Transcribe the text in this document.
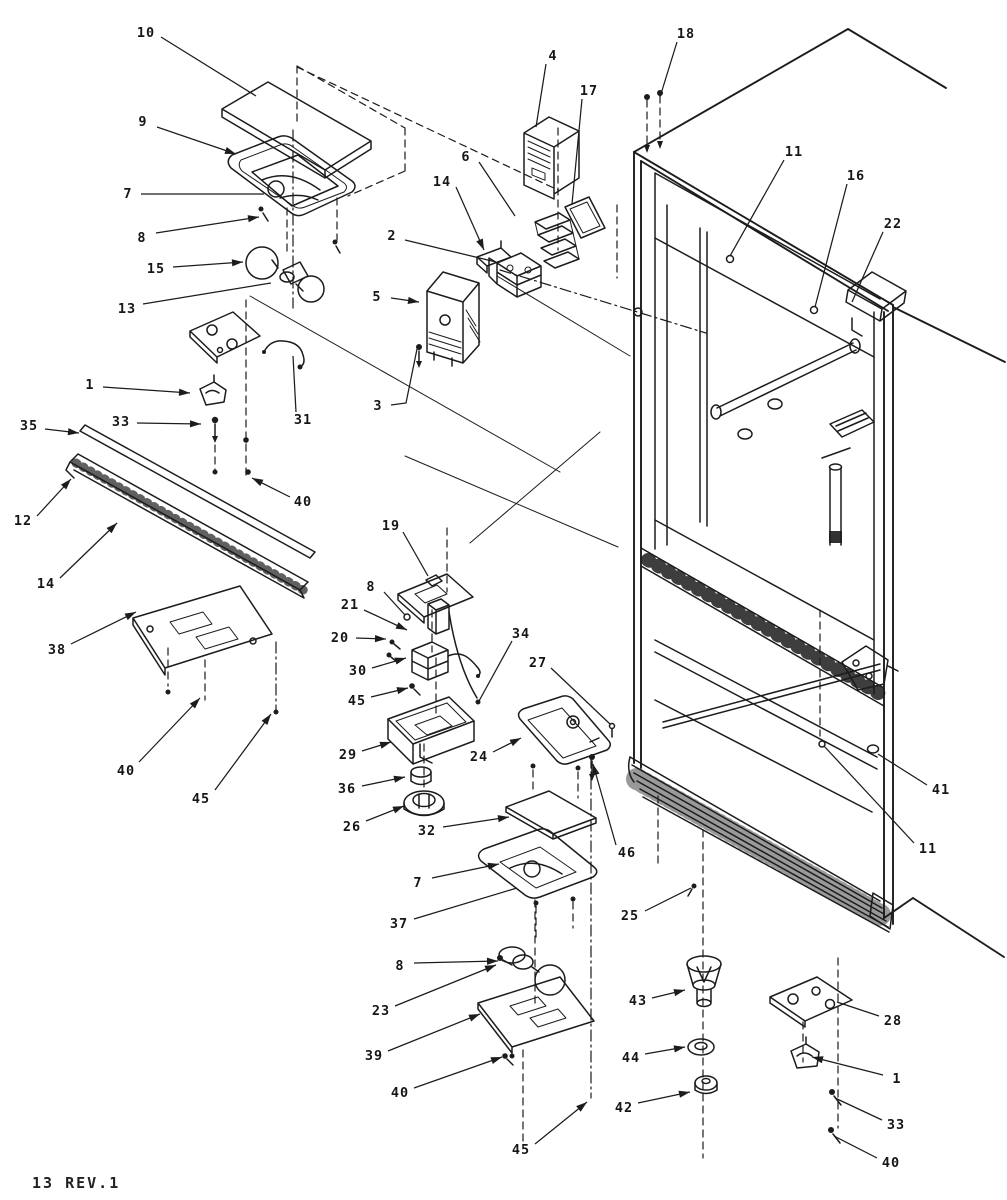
10
9
7
8
15
13
1
33
35
12
14
38
40
45
31
40
2
5
3
4
6
14
17
18
11
16
22
19
8
21
20
30
45
29
36
26	32
34
27
24
46
25
7
37
8
23
39
40
45
43
44
42
28
1
33
40
41
11
13 REV.1
